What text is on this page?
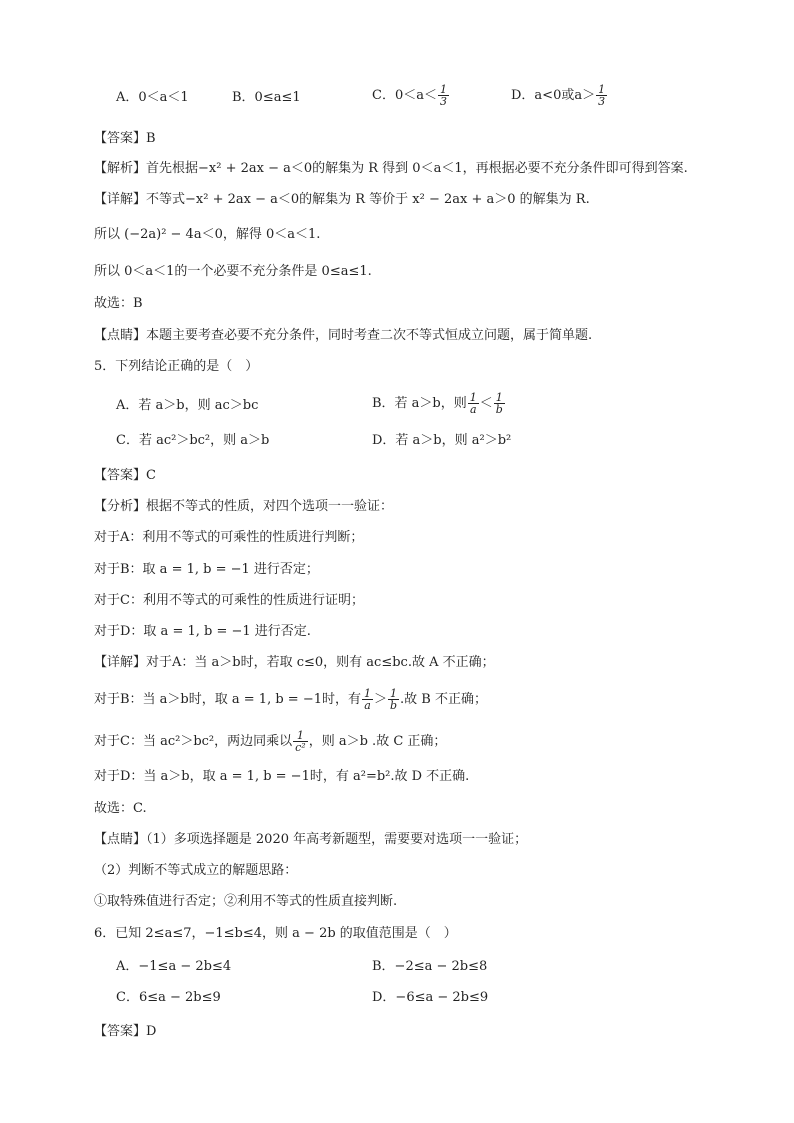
A．0＜a＜1	B．0≤a≤1	C．$0<a< \frac{1}{3}$	D．a<0或$a> \frac{1}{3}$
【答案】B
【解析】首先根据−x² + 2ax − a＜0的解集为 R 得到 0＜a＜1，再根据必要不充分条件即可得到答案.
【详解】不等式−x² + 2ax − a＜0的解集为 R 等价于 x² − 2ax + a＞0 的解集为 R.
所以 (−2a)² − 4a＜0，解得 0＜a＜1.
所以 0＜a＜1的一个必要不充分条件是 0≤a≤1.
故选：B
【点睛】本题主要考查必要不充分条件，同时考查二次不等式恒成立问题，属于简单题.
5．下列结论正确的是（　）
A．若 a＞b，则 ac＞bc	B．若 a＞b，则 $\frac{1}{a} < \frac{1}{b}$
C．若 ac²＞bc²，则 a＞b	D．若 a＞b，则 a²＞b²
【答案】C
【分析】根据不等式的性质，对四个选项一一验证：
对于A：利用不等式的可乘性的性质进行判断；
对于B：取 a = 1, b = −1 进行否定；
对于C：利用不等式的可乘性的性质进行证明；
对于D：取 a = 1, b = −1 进行否定.
【详解】对于A：当 a＞b时，若取 c≤0，则有 ac≤bc.故 A 不正确；
对于B：当 a＞b时，取 a = 1, b = −1时，有 $\frac{1}{a} > \frac{1}{b}$ .故 B 不正确；
对于C：当 ac²＞bc²，两边同乘以 $\frac{1}{\text{c²}}$ ，则 a＞b .故 C 正确；
对于D：当 a＞b，取 a = 1, b = −1时，有 a²=b².故 D 不正确.
故选：C.
【点睛】（1）多项选择题是 2020 年高考新题型，需要要对选项一一验证；
（2）判断不等式成立的解题思路：
①取特殊值进行否定；②利用不等式的性质直接判断.
6．已知 2≤a≤7，−1≤b≤4，则 a − 2b 的取值范围是（　）
A．−1≤a − 2b≤4	B．−2≤a − 2b≤8
C．6≤a − 2b≤9	D．−6≤a − 2b≤9
【答案】D
